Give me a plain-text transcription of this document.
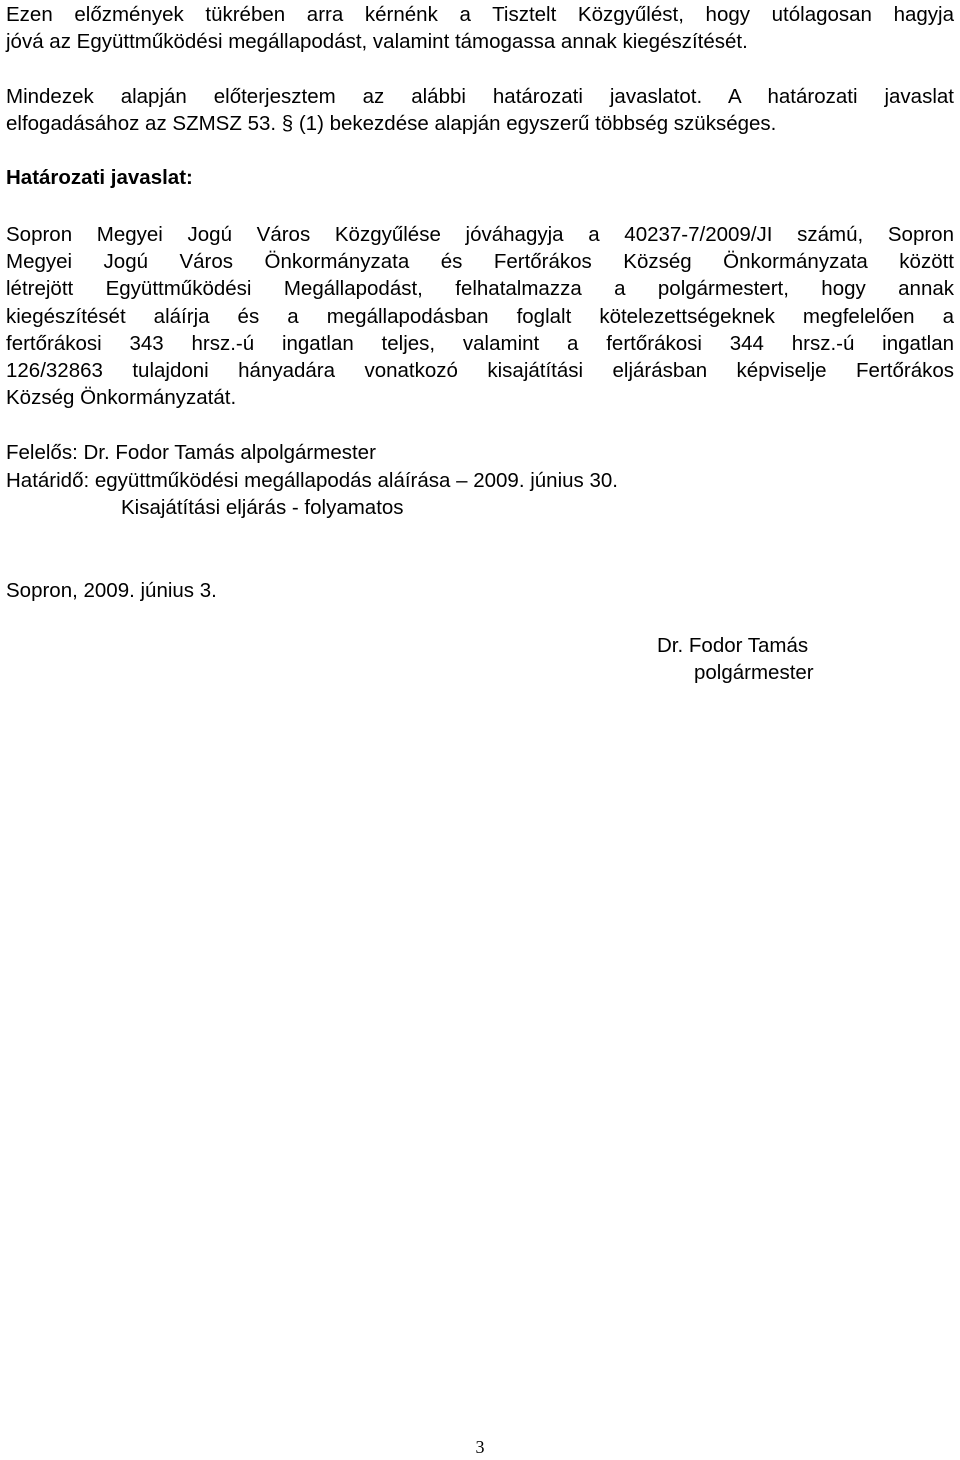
Ezen előzmények tükrében arra kérnénk a Tisztelt Közgyűlést, hogy utólagosan hagyja
jóvá az Együttműködési megállapodást, valamint támogassa annak kiegészítését.
Mindezek alapján előterjesztem az alábbi határozati javaslatot. A határozati javaslat
elfogadásához az SZMSZ 53. § (1) bekezdése alapján egyszerű többség szükséges.

Határozati javaslat:

Sopron Megyei Jogú Város Közgyűlése jóváhagyja a 40237-7/2009/JI számú, Sopron
Megyei Jogú Város Önkormányzata és Fertőrákos Község Önkormányzata között
létrejött Együttműködési Megállapodást, felhatalmazza a polgármestert, hogy annak
kiegészítését aláírja és a megállapodásban foglalt kötelezettségeknek megfelelően a
fertőrákosi 343 hrsz.-ú ingatlan teljes, valamint a fertőrákosi 344 hrsz.-ú ingatlan
126/32863 tulajdoni hányadára vonatkozó kisajátítási eljárásban képviselje Fertőrákos
Község Önkormányzatát.

Felelős: Dr. Fodor Tamás alpolgármester

Határidő: együttműködési megállapodás aláírása – 2009. június 30.

Kisajátítási eljárás - folyamatos

Sopron, 2009. június 3.

Dr. Fodor Tamás

polgármester

3
